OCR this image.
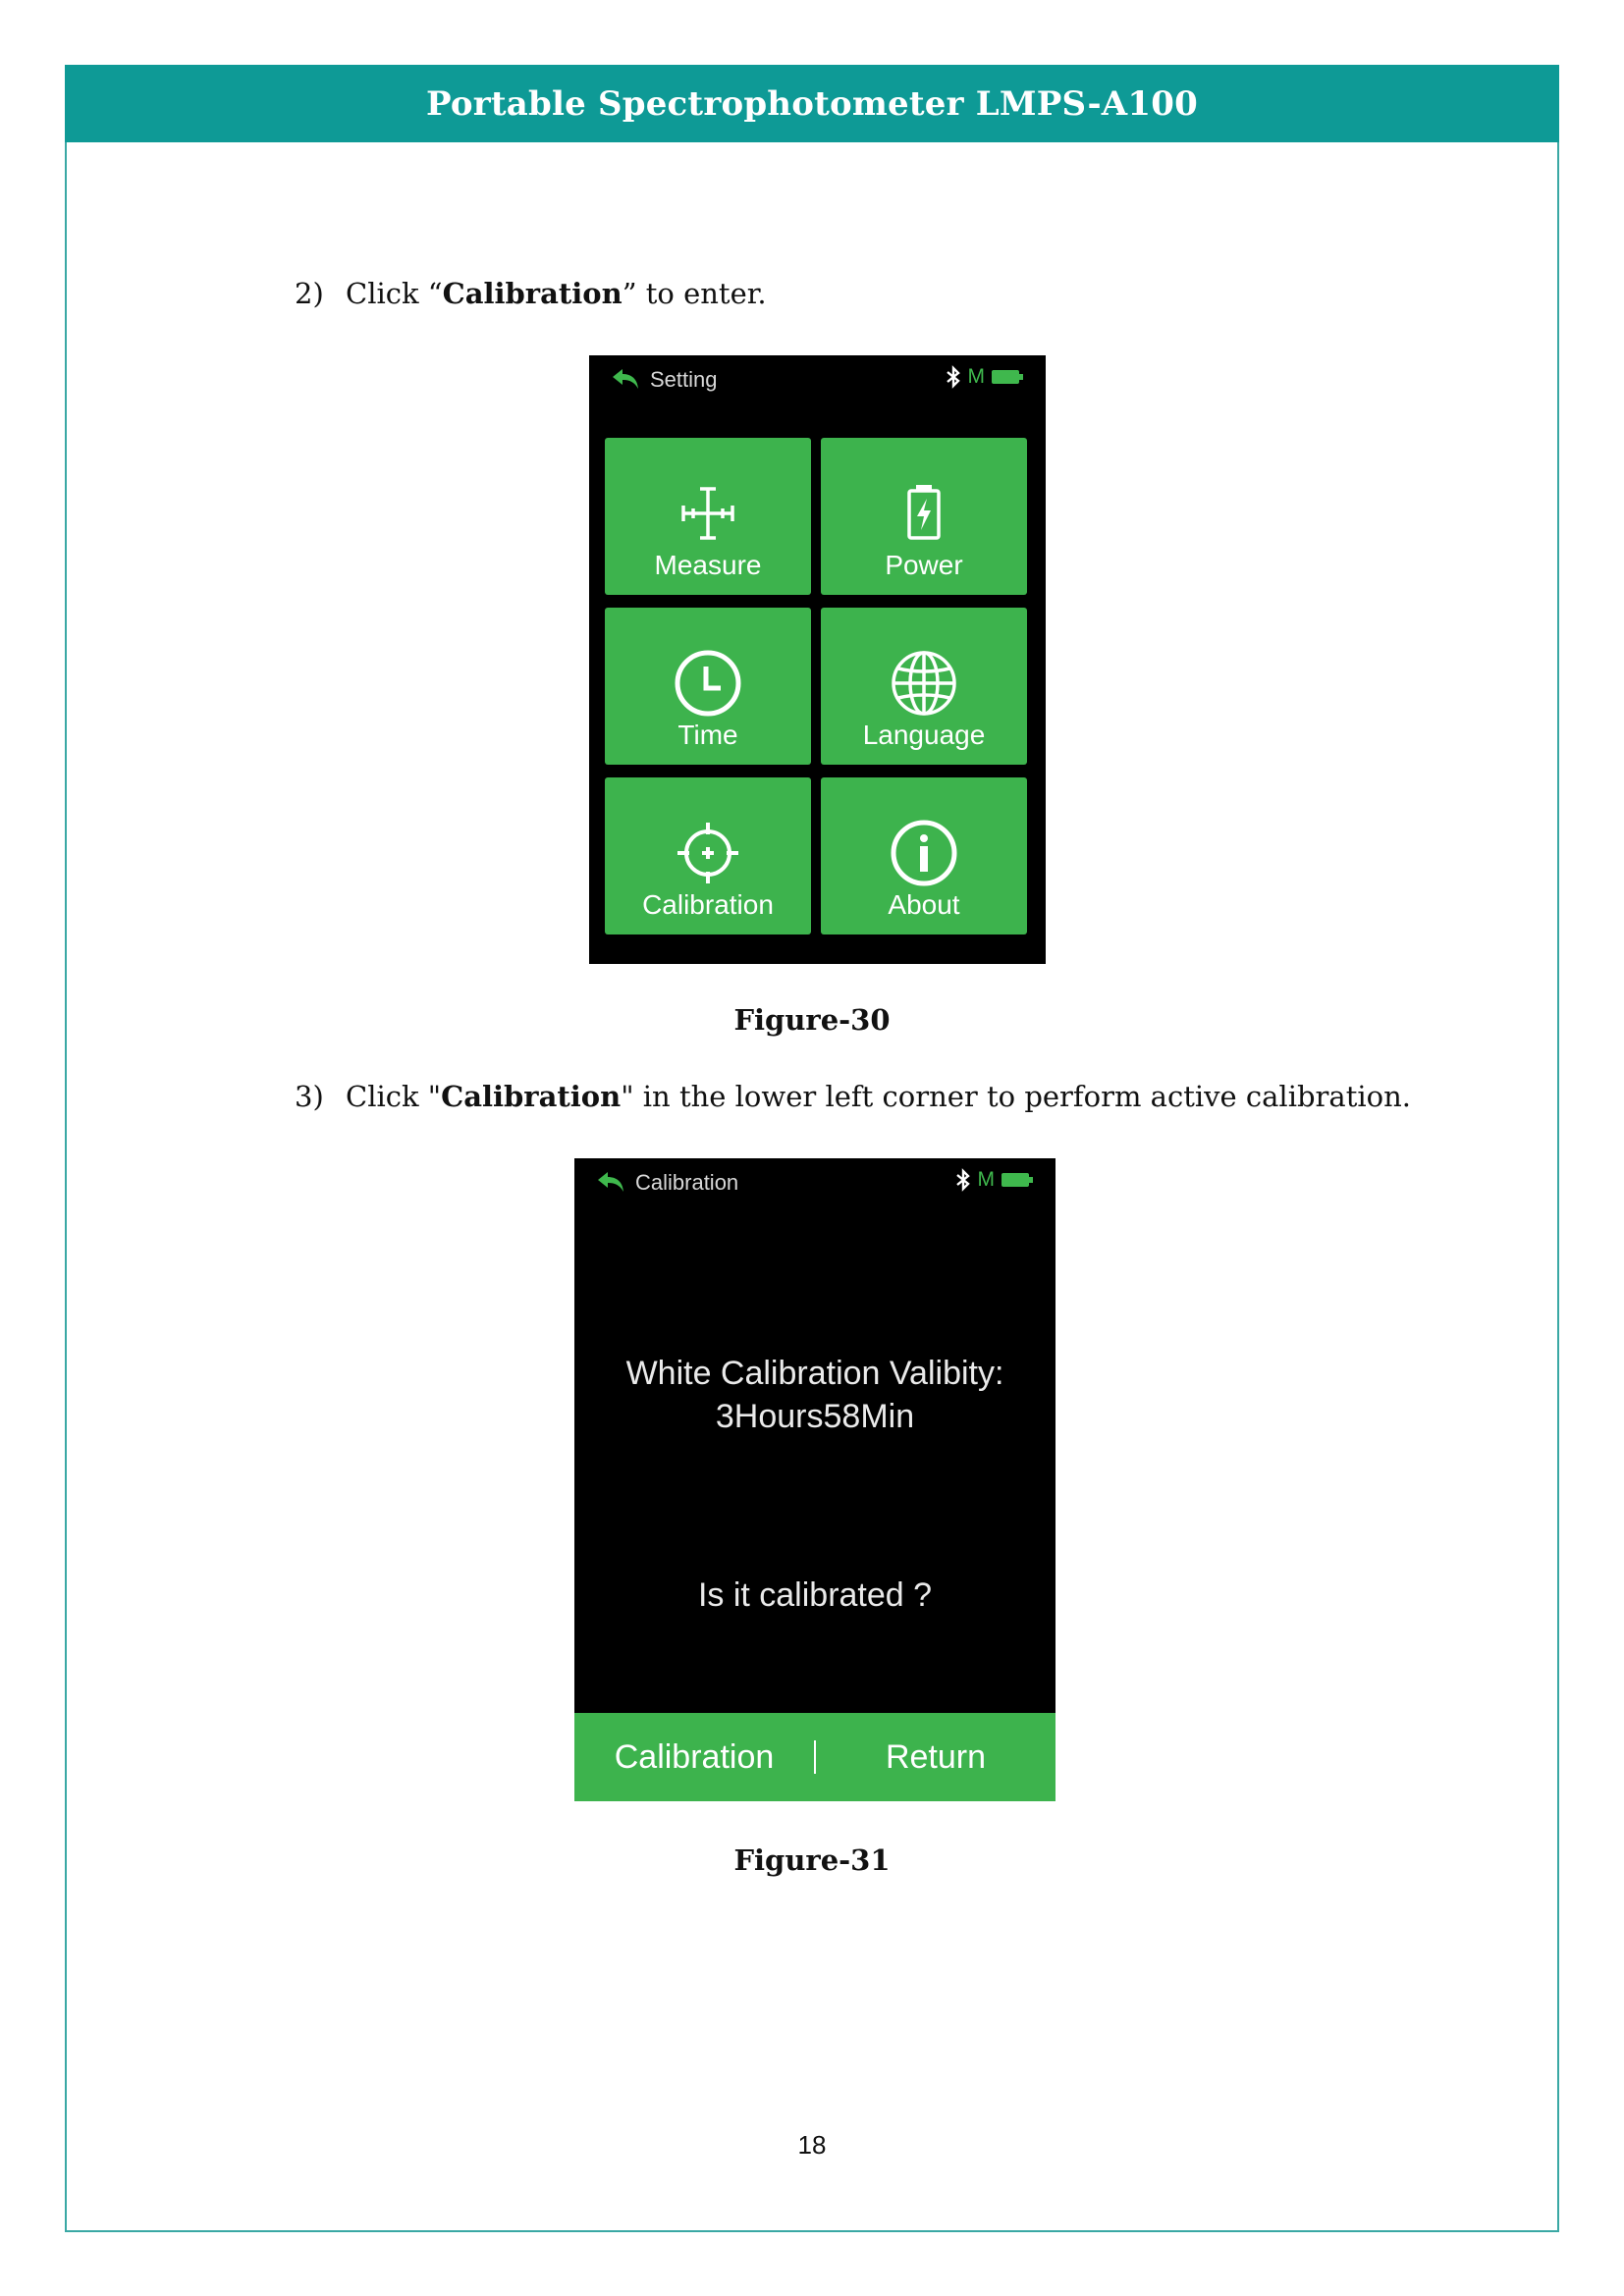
Portable Spectrophotometer LMPS-A100
2) Click “Calibration” to enter.
Setting	M
Measure	Power
Time	Language
Calibration	About
Figure-30
3) Click "Calibration" in the lower left corner to perform active calibration.
Calibration	M
White Calibration Valibity:
3Hours58Min
Is it calibrated ?
Calibration	Return
Figure-31
18
